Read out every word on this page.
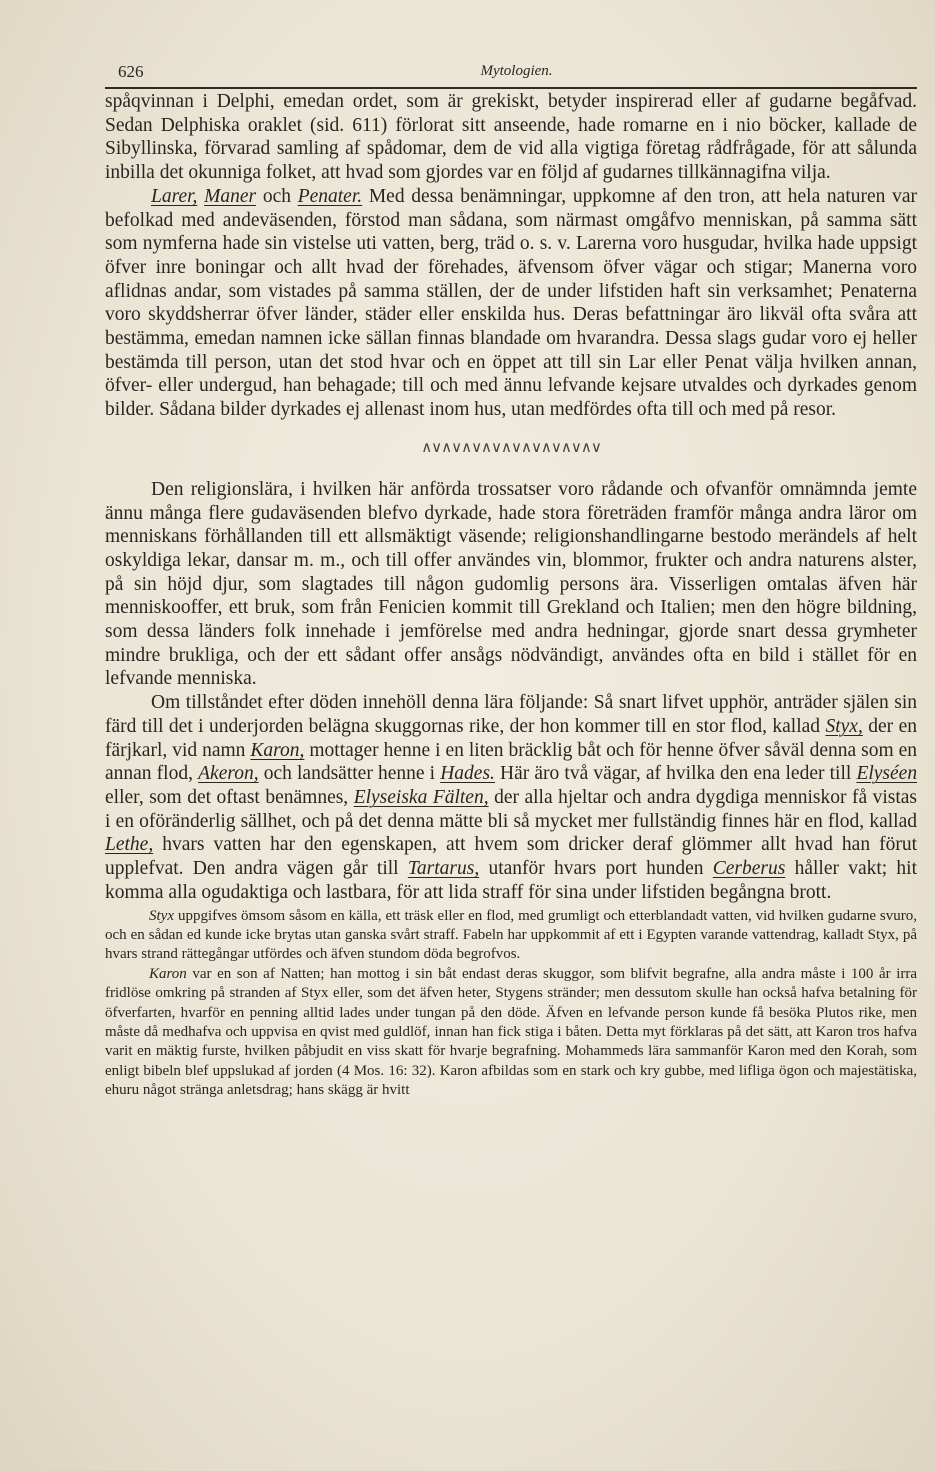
626	Mytologien.

spåqvinnan i Delphi, emedan ordet, som är grekiskt, betyder inspirerad eller af gudarne begåfvad. Sedan Delphiska oraklet (sid. 611) förlorat sitt anseende, hade romarne en i nio böcker, kallade de Sibyllinska, förvarad samling af spådomar, dem de vid alla vigtiga företag rådfrågade, för att sålunda inbilla det okunniga folket, att hvad som gjordes var en följd af gudarnes tillkännagifna vilja.

Larer, Maner och Penater. Med dessa benämningar, uppkomne af den tron, att hela naturen var befolkad med andeväsenden, förstod man sådana, som närmast omgåfvo menniskan, på samma sätt som nymferna hade sin vistelse uti vatten, berg, träd o. s. v. Larerna voro husgudar, hvilka hade uppsigt öfver inre boningar och allt hvad der förehades, äfvensom öfver vägar och stigar; Manerna voro aflidnas andar, som vistades på samma ställen, der de under lifstiden haft sin verksamhet; Penaterna voro skyddsherrar öfver länder, städer eller enskilda hus. Deras befattningar äro likväl ofta svåra att bestämma, emedan namnen icke sällan finnas blandade om hvarandra. Dessa slags gudar voro ej heller bestämda till person, utan det stod hvar och en öppet att till sin Lar eller Penat välja hvilken annan, öfver- eller undergud, han behagade; till och med ännu lefvande kejsare utvaldes och dyrkades genom bilder. Sådana bilder dyrkades ej allenast inom hus, utan medfördes ofta till och med på resor.

∧∨∧∨∧∨∧∨∧∨∧∨∧∨∧∨∧∨

Den religionslära, i hvilken här anförda trossatser voro rådande och ofvanför omnämnda jemte ännu många flere gudaväsenden blefvo dyrkade, hade stora företräden framför många andra läror om menniskans förhållanden till ett allsmäktigt väsende; religionshandlingarne bestodo merändels af helt oskyldiga lekar, dansar m. m., och till offer användes vin, blommor, frukter och andra naturens alster, på sin höjd djur, som slagtades till någon gudomlig persons ära. Visserligen omtalas äfven här menniskooffer, ett bruk, som från Fenicien kommit till Grekland och Italien; men den högre bildning, som dessa länders folk innehade i jemförelse med andra hedningar, gjorde snart dessa grymheter mindre brukliga, och der ett sådant offer ansågs nödvändigt, användes ofta en bild i stället för en lefvande menniska.

Om tillståndet efter döden innehöll denna lära följande: Så snart lifvet upphör, anträder själen sin färd till det i underjorden belägna skuggornas rike, der hon kommer till en stor flod, kallad Styx, der en färjkarl, vid namn Karon, mottager henne i en liten bräcklig båt och för henne öfver såväl denna som en annan flod, Akeron, och landsätter henne i Hades. Här äro två vägar, af hvilka den ena leder till Elyséen eller, som det oftast benämnes, Elyseiska Fälten, der alla hjeltar och andra dygdiga menniskor få vistas i en oföränderlig sällhet, och på det denna mätte bli så mycket mer fullständig finnes här en flod, kallad Lethe, hvars vatten har den egenskapen, att hvem som dricker deraf glömmer allt hvad han förut upplefvat. Den andra vägen går till Tartarus, utanför hvars port hunden Cerberus håller vakt; hit komma alla ogudaktiga och lastbara, för att lida straff för sina under lifstiden begångna brott.

Styx uppgifves ömsom såsom en källa, ett träsk eller en flod, med grumligt och etterblandadt vatten, vid hvilken gudarne svuro, och en sådan ed kunde icke brytas utan ganska svårt straff. Fabeln har uppkommit af ett i Egypten varande vattendrag, kalladt Styx, på hvars strand rättegångar utfördes och äfven stundom döda begrofvos.

Karon var en son af Natten; han mottog i sin båt endast deras skuggor, som blifvit begrafne, alla andra måste i 100 år irra fridlöse omkring på stranden af Styx eller, som det äfven heter, Stygens stränder; men dessutom skulle han också hafva betalning för öfverfarten, hvarför en penning alltid lades under tungan på den döde. Äfven en lefvande person kunde få besöka Plutos rike, men måste då medhafva och uppvisa en qvist med guldlöf, innan han fick stiga i båten. Detta myt förklaras på det sätt, att Karon tros hafva varit en mäktig furste, hvilken påbjudit en viss skatt för hvarje begrafning. Mohammeds lära sammanför Karon med den Korah, som enligt bibeln blef uppslukad af jorden (4 Mos. 16: 32). Karon afbildas som en stark och kry gubbe, med lifliga ögon och majestätiska, ehuru något stränga anletsdrag; hans skägg är hvitt
